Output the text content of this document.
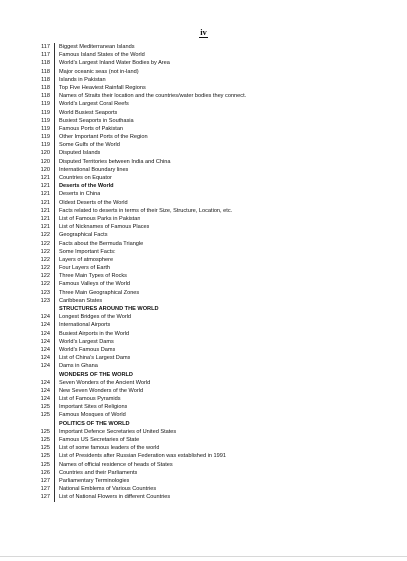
iv
117	Biggest Mediterranean Islands
117	Famous Island States of the World
118	World’s Largest Inland Water Bodies by Area
118	Major oceanic seas (not in-land)
118	Islands in Pakistan
118	Top Five Heaviest Rainfall Regions
118	Names of Straits their location and the countries/water bodies they connect.
119	World’s Largest Coral Reefs
119	World Busiest Seaports
119	Busiest Seaports in Southasia
119	Famous Ports of Pakistan
119	Other Important Ports of the Region
119	Some Gulfs of the World
120	Disputed Islands
120	Disputed Territories between India and China
120	International Boundary lines
121	Countries on Equator
121	Deserts of the World
121	Deserts in China
121	Oldest Deserts of the World
121	Facts related to deserts in terms of their Size, Structure, Location, etc.
121	List of Famous Parks in Pakistan
121	List of Nicknames of Famous Places
122	Geographical Facts
122	Facts about the Bermuda Triangle
122	Some Important Facts:
122	Layers of atmosphere
122	Four Layers of Earth
122	Three Main Types of Rocks
122	Famous Valleys of the World
123	Three Main Geographical Zones
123	Caribbean States
STRUCTURES AROUND THE WORLD
124	Longest Bridges of the World
124	International Airports
124	Busiest Airports in the World
124	World’s Largest Dams
124	World’s Famous Dams
124	List of China’s Largest Dams
124	Dams in Ghana
WONDERS OF THE WORLD
124	Seven Wonders of the Ancient World
124	New Seven Wonders of the World
124	List of Famous Pyramids
125	Important Sites of Religions
125	Famous Mosques of World
POLITICS OF THE WORLD
125	Important Defence Secretaries of United States
125	Famous US Secretaries of State
125	List of some famous leaders of the world
125	List of Presidents after Russian Federation was established in 1991
125	Names of official residence of heads of States
126	Countries and their Parliaments
127	Parliamentary Terminologies
127	National Emblems of Various Countries
127	List of National Flowers in different Countries
